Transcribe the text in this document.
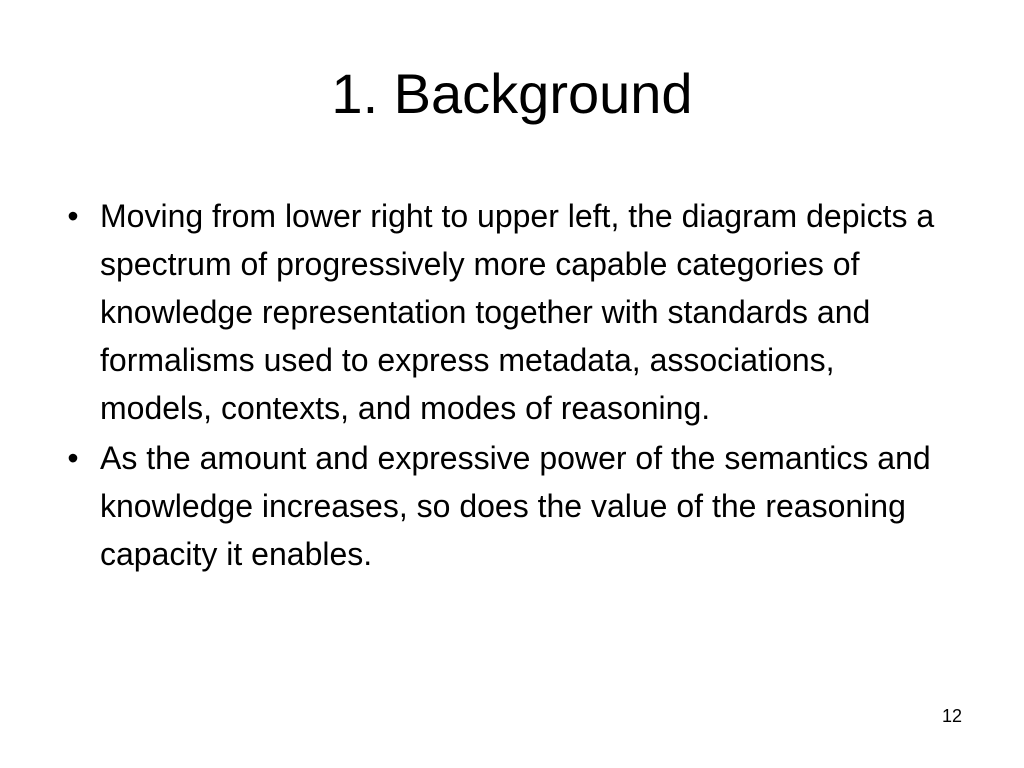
1. Background
• Moving from lower right to upper left, the diagram depicts a spectrum of progressively more capable categories of knowledge representation together with standards and formalisms used to express metadata, associations, models, contexts, and modes of reasoning.
• As the amount and expressive power of the semantics and knowledge increases, so does the value of the reasoning capacity it enables.
12
